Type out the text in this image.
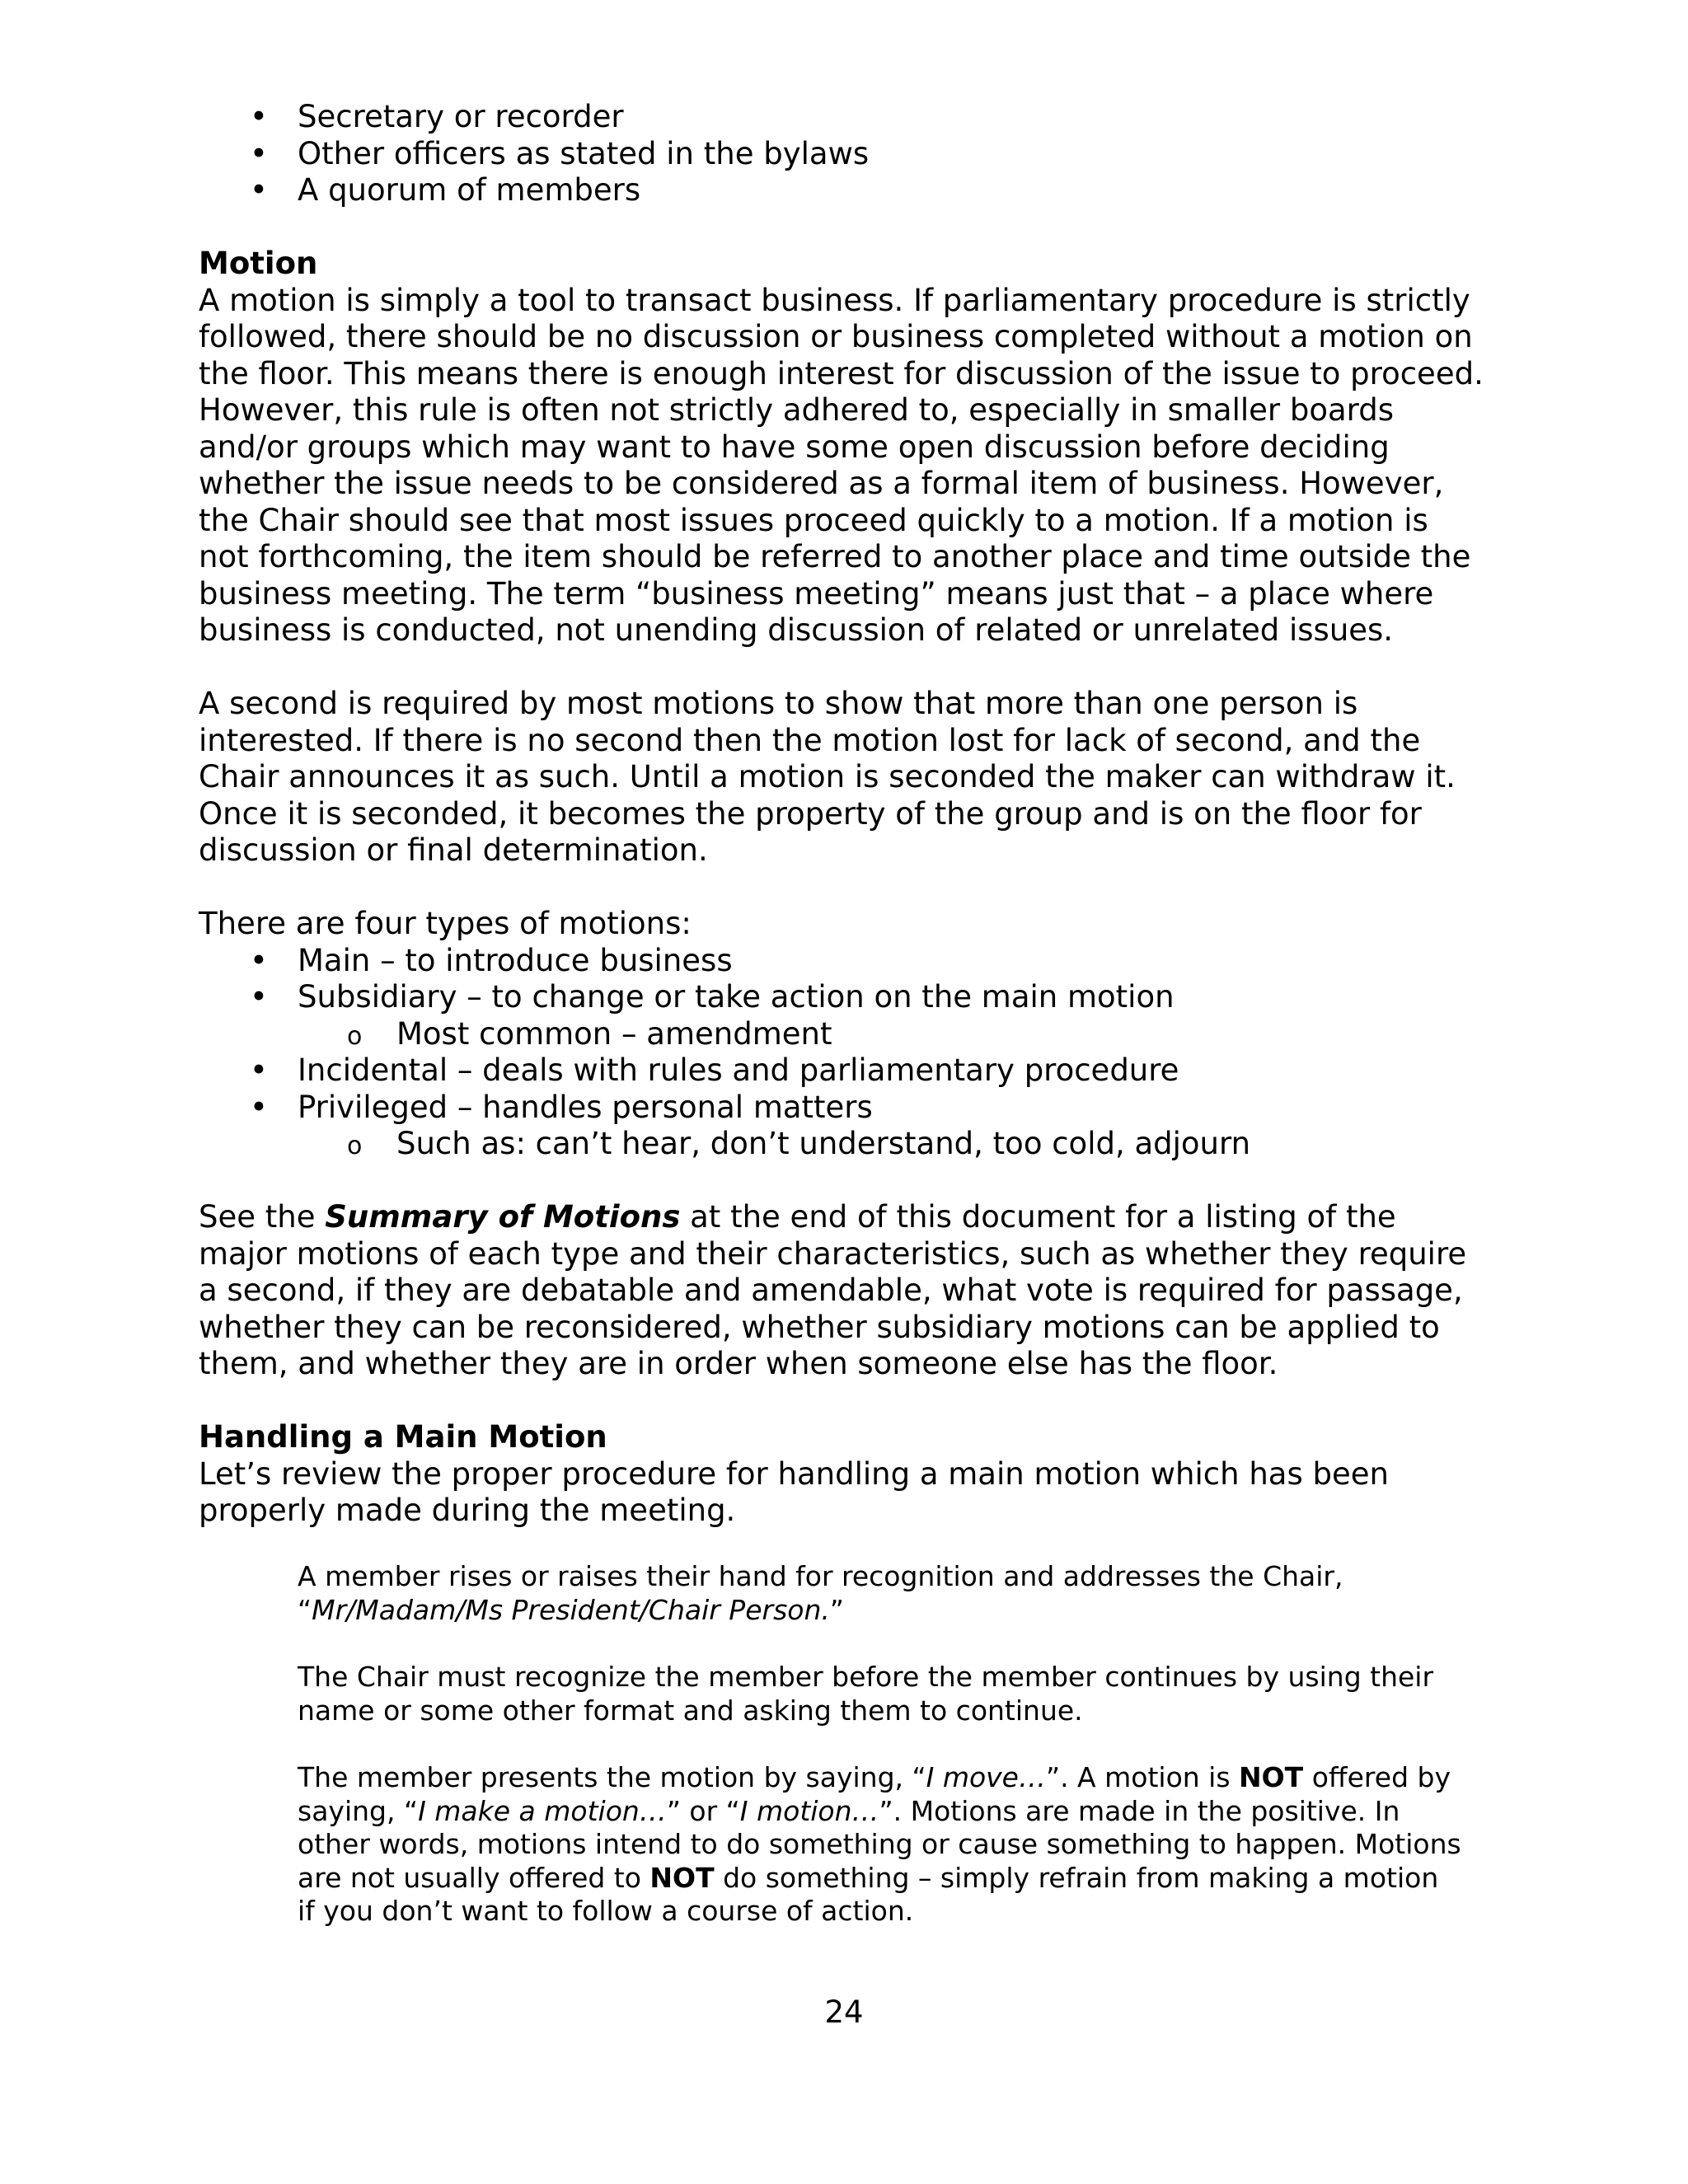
• Secretary or recorder
• Other officers as stated in the bylaws
• A quorum of members
Motion
A motion is simply a tool to transact business. If parliamentary procedure is strictly
followed, there should be no discussion or business completed without a motion on
the floor. This means there is enough interest for discussion of the issue to proceed.
However, this rule is often not strictly adhered to, especially in smaller boards
and/or groups which may want to have some open discussion before deciding
whether the issue needs to be considered as a formal item of business. However,
the Chair should see that most issues proceed quickly to a motion. If a motion is
not forthcoming, the item should be referred to another place and time outside the
business meeting. The term “business meeting” means just that – a place where
business is conducted, not unending discussion of related or unrelated issues.

A second is required by most motions to show that more than one person is
interested. If there is no second then the motion lost for lack of second, and the
Chair announces it as such. Until a motion is seconded the maker can withdraw it.
Once it is seconded, it becomes the property of the group and is on the floor for
discussion or final determination.

There are four types of motions:
• Main – to introduce business
• Subsidiary – to change or take action on the main motion
o Most common – amendment
• Incidental – deals with rules and parliamentary procedure
• Privileged – handles personal matters
o Such as: can’t hear, don’t understand, too cold, adjourn

See the Summary of Motions at the end of this document for a listing of the
major motions of each type and their characteristics, such as whether they require
a second, if they are debatable and amendable, what vote is required for passage,
whether they can be reconsidered, whether subsidiary motions can be applied to
them, and whether they are in order when someone else has the floor.

Handling a Main Motion
Let’s review the proper procedure for handling a main motion which has been
properly made during the meeting.
A member rises or raises their hand for recognition and addresses the Chair,
“Mr/Madam/Ms President/Chair Person.”
The Chair must recognize the member before the member continues by using their
name or some other format and asking them to continue.
The member presents the motion by saying, “I move…”. A motion is NOT offered by
saying, “I make a motion…” or “I motion…”. Motions are made in the positive. In
other words, motions intend to do something or cause something to happen. Motions
are not usually offered to NOT do something – simply refrain from making a motion
if you don’t want to follow a course of action.
24
